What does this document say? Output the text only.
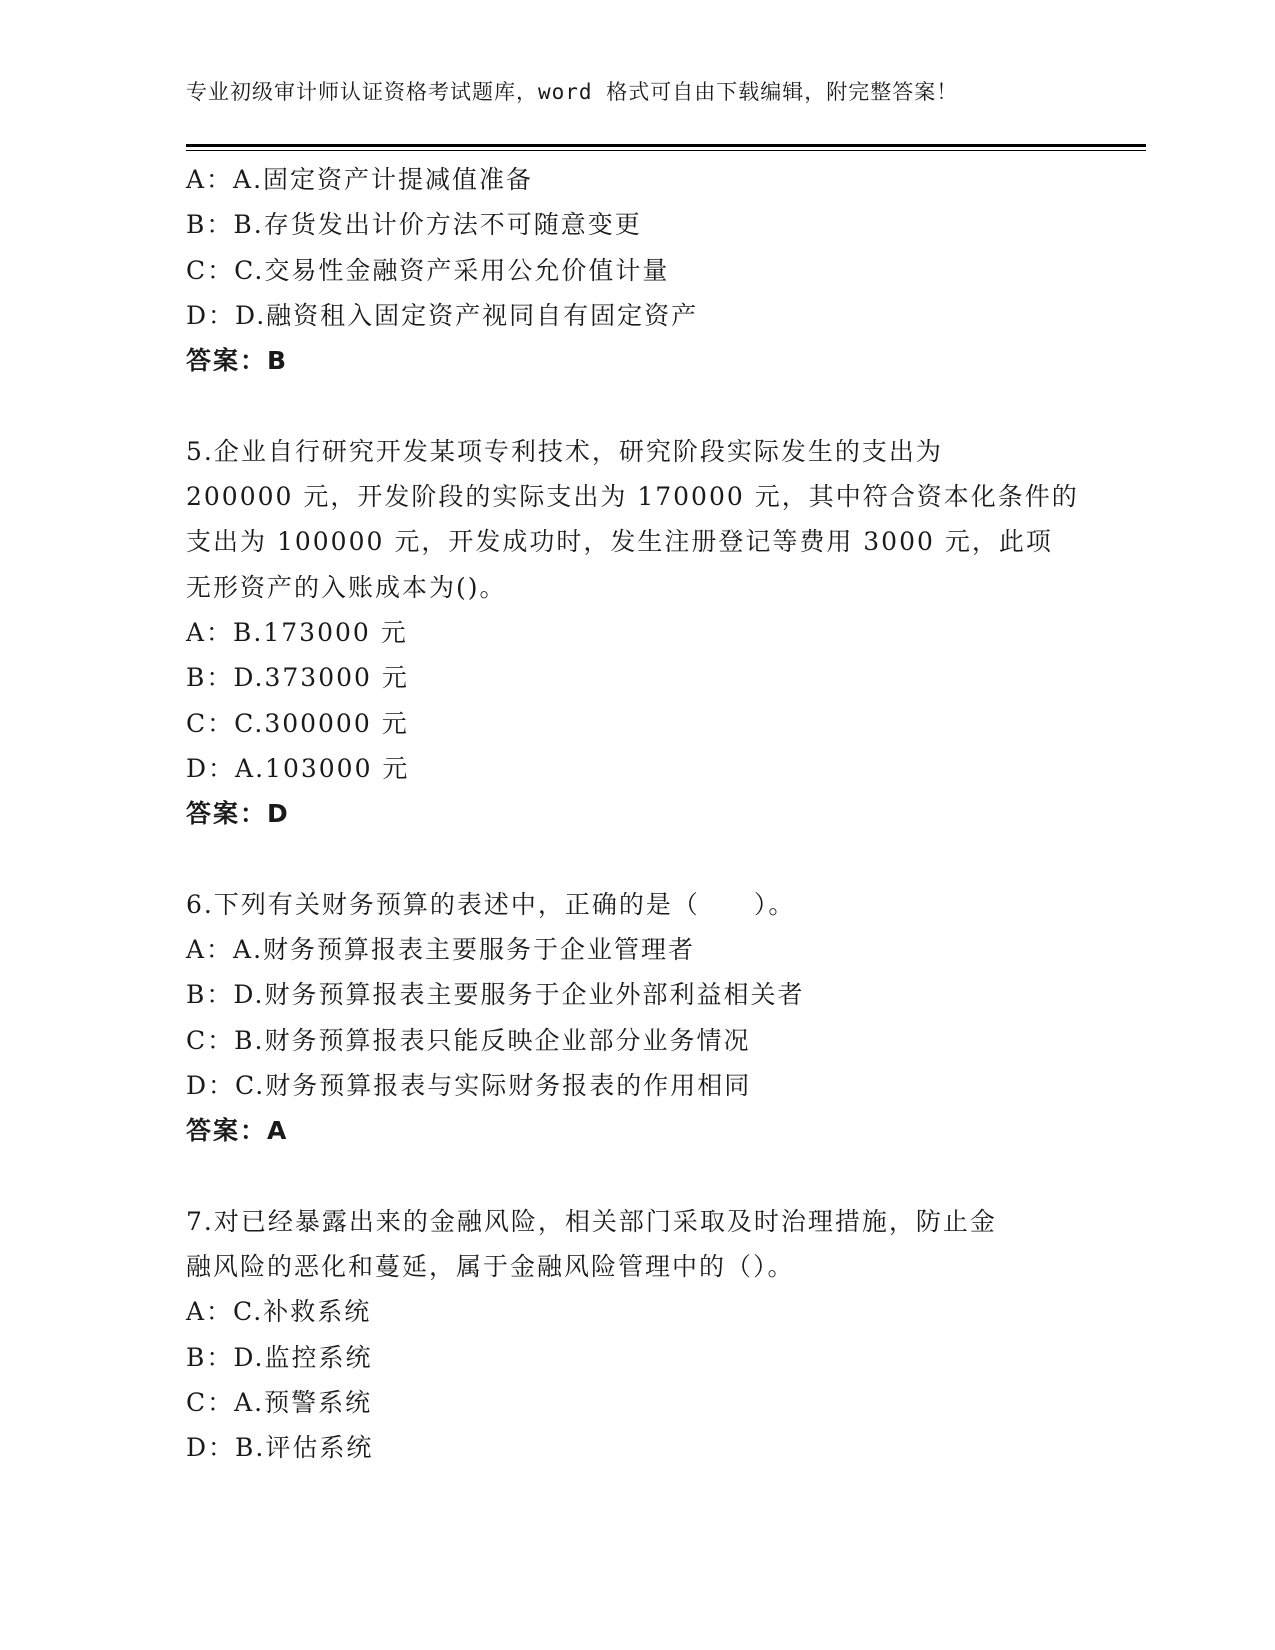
专业初级审计师认证资格考试题库，word 格式可自由下载编辑，附完整答案！
A：A.固定资产计提减值准备
B：B.存货发出计价方法不可随意变更
C：C.交易性金融资产采用公允价值计量
D：D.融资租入固定资产视同自有固定资产
答案：B
5.企业自行研究开发某项专利技术，研究阶段实际发生的支出为
200000 元，开发阶段的实际支出为 170000 元，其中符合资本化条件的
支出为 100000 元，开发成功时，发生注册登记等费用 3000 元，此项
无形资产的入账成本为()。
A：B.173000 元
B：D.373000 元
C：C.300000 元
D：A.103000 元
答案：D
6.下列有关财务预算的表述中，正确的是（　　）。
A：A.财务预算报表主要服务于企业管理者
B：D.财务预算报表主要服务于企业外部利益相关者
C：B.财务预算报表只能反映企业部分业务情况
D：C.财务预算报表与实际财务报表的作用相同
答案：A
7.对已经暴露出来的金融风险，相关部门采取及时治理措施，防止金
融风险的恶化和蔓延，属于金融风险管理中的（）。
A：C.补救系统
B：D.监控系统
C：A.预警系统
D：B.评估系统
